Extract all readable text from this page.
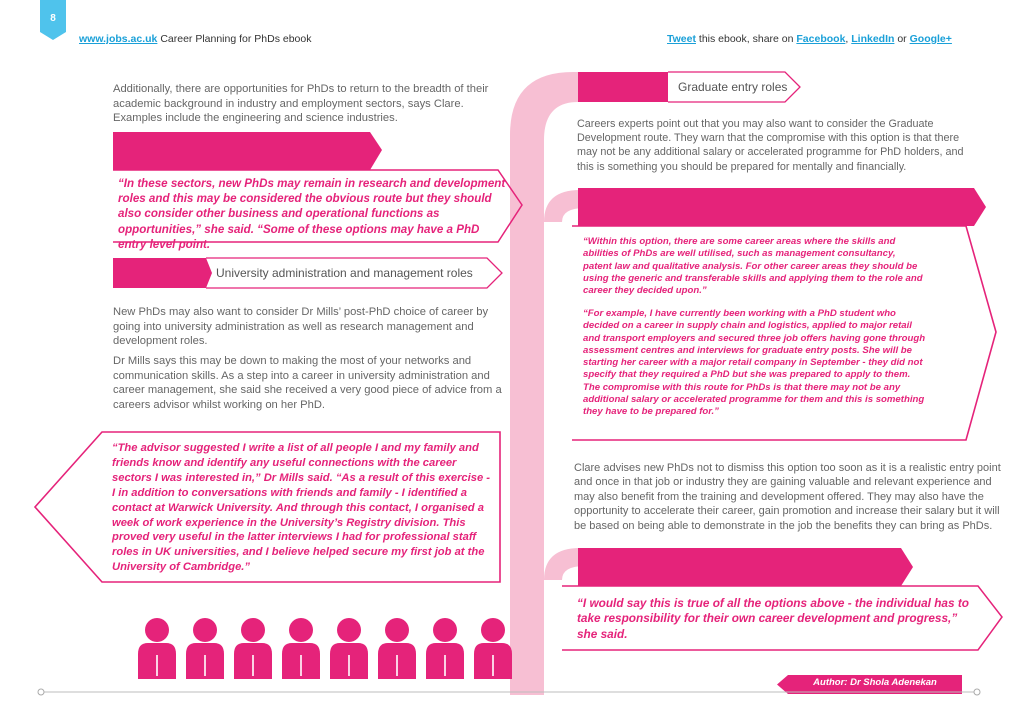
8
www.jobs.ac.uk Career Planning for PhDs ebook	Tweet this ebook, share on Facebook, LinkedIn or Google+

Additionally, there are opportunities for PhDs to return to the breadth of their academic background in industry and employment sectors, says Clare. Examples include the engineering and science industries.

“In these sectors, new PhDs may remain in research and development roles and this may be considered the obvious route but they should also consider other business and operational functions as opportunities,” she said. “Some of these options may have a PhD entry level point.

University administration and management roles

New PhDs may also want to consider Dr Mills’ post-PhD choice of career by going into university administration as well as research management and development roles.

Dr Mills says this may be down to making the most of your networks and communication skills. As a step into a career in university administration and career management, she said she received a very good piece of advice from a careers advisor whilst working on her PhD.

“The advisor suggested I write a list of all people I and my family and friends know and identify any useful connections with the career sectors I was interested in,” Dr Mills said. “As a result of this exercise - I in addition to conversations with friends and family - I identified a contact at Warwick University. And through this contact, I organised a week of work experience in the University’s Registry division. This proved very useful in the latter interviews I had for professional staff roles in UK universities, and I believe helped secure my first job at the University of Cambridge.”

Graduate entry roles

Careers experts point out that you may also want to consider the Graduate Development route. They warn that the compromise with this option is that there may not be any additional salary or accelerated programme for PhD holders, and this is something you should be prepared for mentally and financially.

“Within this option, there are some career areas where the skills and abilities of PhDs are well utilised, such as management consultancy, patent law and qualitative analysis. For other career areas they should be using the generic and transferable skills and applying them to the role and career they decided upon.”

“For example, I have currently been working with a PhD student who decided on a career in supply chain and logistics, applied to major retail and transport employers and secured three job offers having gone through assessment centres and interviews for graduate entry posts. She will be starting her career with a major retail company in September - they did not specify that they required a PhD but she was prepared to apply to them. The compromise with this route for PhDs is that there may not be any additional salary or accelerated programme for them and this is something they have to be prepared for.”

Clare advises new PhDs not to dismiss this option too soon as it is a realistic entry point and once in that job or industry they are gaining valuable and relevant experience and may also benefit from the training and development offered. They may also have the opportunity to accelerate their career, gain promotion and increase their salary but it will be based on being able to demonstrate in the job the benefits they can bring as PhDs.

“I would say this is true of all the options above - the individual has to take responsibility for their own career development and progress,” she said.

Author: Dr Shola Adenekan
